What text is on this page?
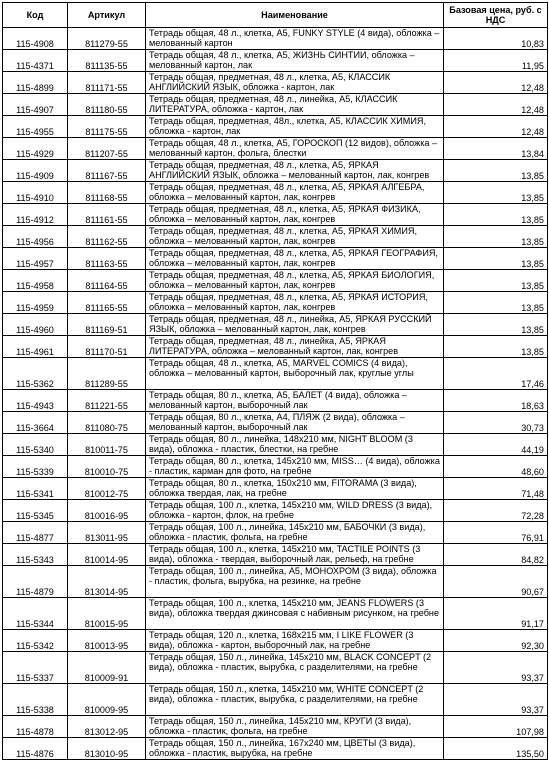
Код	Артикул	Наименование	Базовая цена, руб. с НДС
115-4908	811279-55	Тетрадь общая, 48 л., клетка, А5, FUNKY STYLE (4 вида), обложка – мелованный картон	10,83
115-4371	811135-55	Тетрадь общая, 48 л., клетка, А5, ЖИЗНЬ СИНТИИ, обложка – мелованный картон, лак	11,95
115-4899	811171-55	Тетрадь общая, предметная, 48 л., клетка, А5, КЛАССИК АНГЛИЙСКИЙ ЯЗЫК, обложка - картон, лак	12,48
115-4907	811180-55	Тетрадь общая, предметная, 48 л., линейка, А5, КЛАССИК ЛИТЕРАТУРА, обложка - картон, лак	12,48
115-4955	811175-55	Тетрадь общая, предметная, 48л., клетка, А5, КЛАССИК ХИМИЯ, обложка - картон, лак	12,48
115-4929	811207-55	Тетрадь общая, 48 л., клетка, А5, ГОРОСКОП (12 видов), обложка – мелованный картон, фольга, блестки	13,84
115-4909	811167-55	Тетрадь общая, предметная, 48 л., клетка, А5, ЯРКАЯ АНГЛИЙСКИЙ ЯЗЫК, обложка – мелованный картон, лак, конгрев	13,85
115-4910	811168-55	Тетрадь общая, предметная, 48 л., клетка, А5, ЯРКАЯ АЛГЕБРА, обложка – мелованный картон, лак, конгрев	13,85
115-4912	811161-55	Тетрадь общая, предметная, 48 л., клетка, А5, ЯРКАЯ ФИЗИКА, обложка – мелованный картон, лак, конгрев	13,85
115-4956	811162-55	Тетрадь общая, предметная, 48 л., клетка, А5, ЯРКАЯ ХИМИЯ, обложка – мелованный картон, лак, конгрев	13,85
115-4957	811163-55	Тетрадь общая, предметная, 48 л., клетка, А5, ЯРКАЯ ГЕОГРАФИЯ, обложка – мелованный картон, лак, конгрев	13,85
115-4958	811164-55	Тетрадь общая, предметная, 48 л., клетка, А5, ЯРКАЯ БИОЛОГИЯ, обложка – мелованный картон, лак, конгрев	13,85
115-4959	811165-55	Тетрадь общая, предметная, 48 л., клетка, А5, ЯРКАЯ ИСТОРИЯ, обложка – мелованный картон, лак, конгрев	13,85
115-4960	811169-51	Тетрадь общая, предметная, 48 л., линейка, А5, ЯРКАЯ РУССКИЙ ЯЗЫК, обложка – мелованный картон, лак, конгрев	13,85
115-4961	811170-51	Тетрадь общая, предметная, 48 л., линейка, А5, ЯРКАЯ ЛИТЕРАТУРА, обложка – мелованный картон, лак, конгрев	13,85
115-5362	811289-55	Тетрадь общая, 48 л., клетка, А5, MARVEL COMICS (4 вида), обложка – мелованный картон, выборочный лак, круглые углы	17,46
115-4943	811221-55	Тетрадь общая, 80 л., клетка, А5, БАЛЕТ (4 вида), обложка – мелованный картон, выборочный лак	18,63
115-3664	811080-75	Тетрадь общая, 80 л., клетка, А4, ПЛЯЖ (2 вида), обложка – мелованный картон, выборочный лак	30,73
115-5340	810011-75	Тетрадь общая, 80 л., линейка, 148х210 мм, NIGHT BLOOM (3 вида), обложка - пластик, блестки, на гребне	44,19
115-5339	810010-75	Тетрадь общая, 80 л., клетка, 145х210 мм, MISS… (4 вида), обложка - пластик, карман для фото, на гребне	48,60
115-5341	810012-75	Тетрадь общая, 80 л., клетка, 150х210 мм, FITORAMA (3 вида), обложка твердая, лак, на гребне	71,48
115-5345	810016-95	Тетрадь общая, 100 л., клетка, 145х210 мм, WILD DRESS (3 вида), обложка - картон, флок, на гребне	72,28
115-4877	813011-95	Тетрадь общая, 100 л., линейка, 145х210 мм, БАБОЧКИ (3 вида), обложка - пластик, фольга, на гребне	76,91
115-5343	810014-95	Тетрадь общая, 100 л., клетка, 145х210 мм, TACTILE POINTS (3 вида), обложка - твердая, выборочный лак, рельеф, на гребне	84,82
115-4879	813014-95	Тетрадь общая, 100 л., линейка, А5, МОНОХРОМ (3 вида), обложка - пластик, фольга, вырубка, на резинке, на гребне	90,67
115-5344	810015-95	Тетрадь общая, 100 л., клетка, 145х210 мм, JEANS FLOWERS (3 вида), обложка твердая джинсовая с набивным рисунком, на гребне	91,17
115-5342	810013-95	Тетрадь общая, 120 л., клетка, 168х215 мм, I LIKE FLOWER (3 вида), обложка - картон, выборочный лак, на гребне	92,30
115-5337	810009-91	Тетрадь общая, 150 л., линейка, 145х210 мм, BLACK CONCEPT (2 вида), обложка - пластик, вырубка, с разделителями, на гребне	93,37
115-5338	810009-95	Тетрадь общая, 150 л., клетка, 145х210 мм, WHITE CONCEPT (2 вида), обложка - пластик, вырубка, с разделителями, на гребне	93,37
115-4878	813012-95	Тетрадь общая, 150 л., линейка, 145х210 мм, КРУГИ (3 вида), обложка - пластик, фольга, на гребне	107,98
115-4876	813010-95	Тетрадь общая, 150 л., линейка, 167х240 мм, ЦВЕТЫ (3 вида), обложка - пластик, вырубка, на гребне	135,50
